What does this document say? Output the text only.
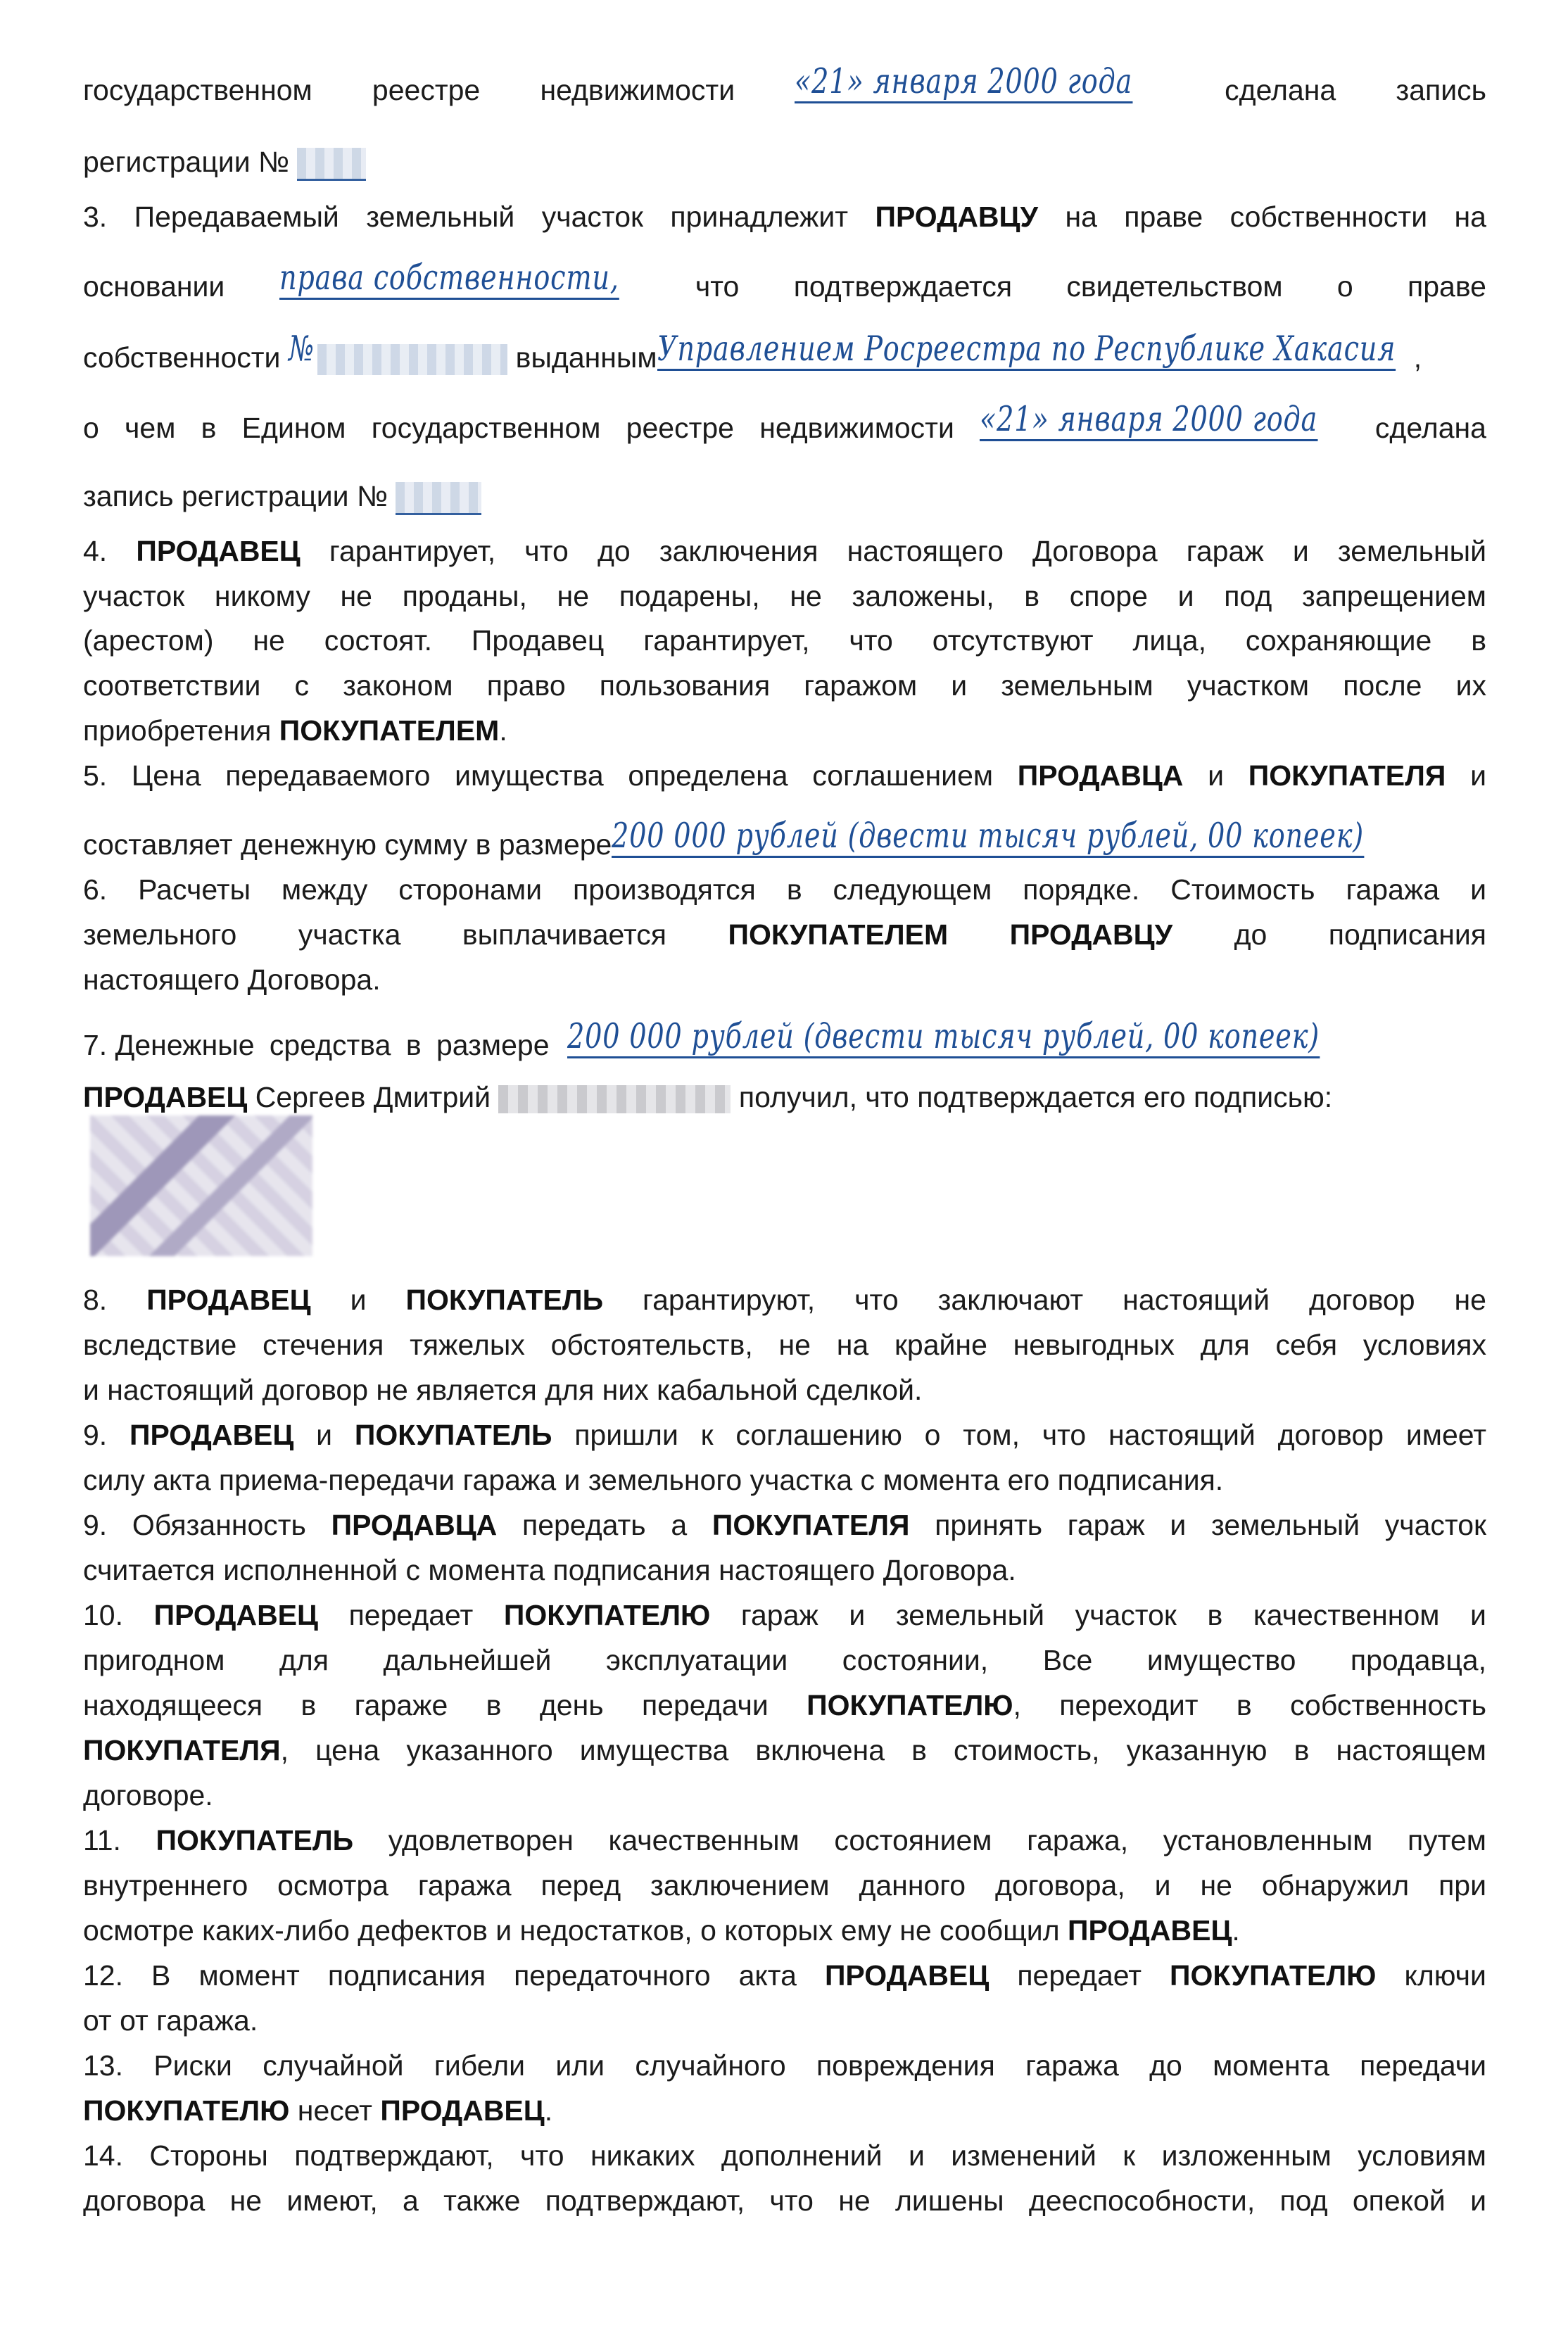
государственном реестре недвижимости «21» января 2000 года	сделана запись

регистрации №

3. Передаваемый земельный участок принадлежит ПРОДАВЦУ на праве собственности на

основании права собственности,	что подтверждается свидетельством о праве

собственности №	выданнымУправлением Росреестра по Республике Хакасия ,

о чем в Едином государственном реестре недвижимости «21» января 2000 года сделана

запись регистрации №

4. ПРОДАВЕЦ гарантирует, что до заключения настоящего Договора гараж и земельный

участок никому не проданы, не подарены, не заложены, в споре и под запрещением

(арестом) не состоят. Продавец гарантирует, что отсутствуют лица, сохраняющие в

соответствии с законом право пользования гаражом и земельным участком после их

приобретения ПОКУПАТЕЛЕМ.

5. Цена передаваемого имущества определена соглашением ПРОДАВЦА и ПОКУПАТЕЛЯ и

составляет денежную сумму в размере200 000 рублей (двести тысяч рублей, 00 копеек)

6. Расчеты между сторонами производятся в следующем порядке. Стоимость гаража и

земельного участка выплачивается ПОКУПАТЕЛЕМ ПРОДАВЦУ до подписания

настоящего Договора.

7. Денежные средства в размере 200 000 рублей (двести тысяч рублей, 00 копеек)

ПРОДАВЕЦ Сергеев Дмитрий	получил, что подтверждается его подписью:

8. ПРОДАВЕЦ и ПОКУПАТЕЛЬ гарантируют, что заключают настоящий договор не

вследствие стечения тяжелых обстоятельств, не на крайне невыгодных для себя условиях

и настоящий договор не является для них кабальной сделкой.

9. ПРОДАВЕЦ и ПОКУПАТЕЛЬ пришли к соглашению о том, что настоящий договор имеет

силу акта приема-передачи гаража и земельного участка с момента его подписания.

9. Обязанность ПРОДАВЦА передать а ПОКУПАТЕЛЯ принять гараж и земельный участок

считается исполненной с момента подписания настоящего Договора.

10. ПРОДАВЕЦ передает ПОКУПАТЕЛЮ гараж и земельный участок в качественном и

пригодном для дальнейшей эксплуатации состоянии, Все имущество продавца,

находящееся в гараже в день передачи ПОКУПАТЕЛЮ, переходит в собственность

ПОКУПАТЕЛЯ, цена указанного имущества включена в стоимость, указанную в настоящем

договоре.

11. ПОКУПАТЕЛЬ удовлетворен качественным состоянием гаража, установленным путем

внутреннего осмотра гаража перед заключением данного договора, и не обнаружил при

осмотре каких-либо дефектов и недостатков, о которых ему не сообщил ПРОДАВЕЦ.

12. В момент подписания передаточного акта ПРОДАВЕЦ передает ПОКУПАТЕЛЮ ключи

от от гаража.

13. Риски случайной гибели или случайного повреждения гаража до момента передачи

ПОКУПАТЕЛЮ несет ПРОДАВЕЦ.

14. Стороны подтверждают, что никаких дополнений и изменений к изложенным условиям

договора не имеют, а также подтверждают, что не лишены дееспособности, под опекой и
